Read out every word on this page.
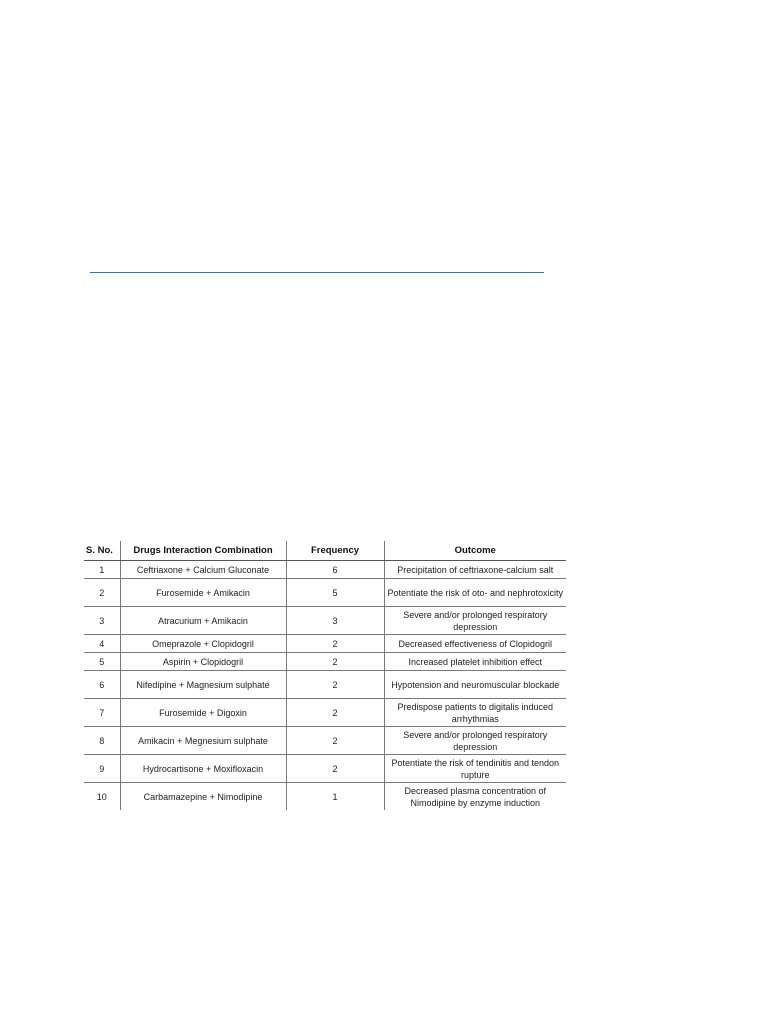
S. No.	Drugs Interaction Combination	Frequency	Outcome
1	Ceftriaxone + Calcium Gluconate	6	Precipitation of ceftriaxone-calcium salt
2	Furosemide + Amikacin	5	Potentiate the risk of oto- and nephrotoxicity
3	Atracurium + Amikacin	3	Severe and/or prolonged respiratory depression
4	Omeprazole + Clopidogril	2	Decreased effectiveness of Clopidogril
5	Aspirin + Clopidogril	2	Increased platelet inhibition effect
6	Nifedipine + Magnesium sulphate	2	Hypotension and neuromuscular blockade
7	Furosemide + Digoxin	2	Predispose patients to digitalis induced arrhythmias
8	Amikacin + Megnesium sulphate	2	Severe and/or prolonged respiratory depression
9	Hydrocartisone + Moxifloxacin	2	Potentiate the risk of tendinitis and tendon rupture
10	Carbamazepine + Nimodipine	1	Decreased plasma concentration of Nimodipine by enzyme induction
